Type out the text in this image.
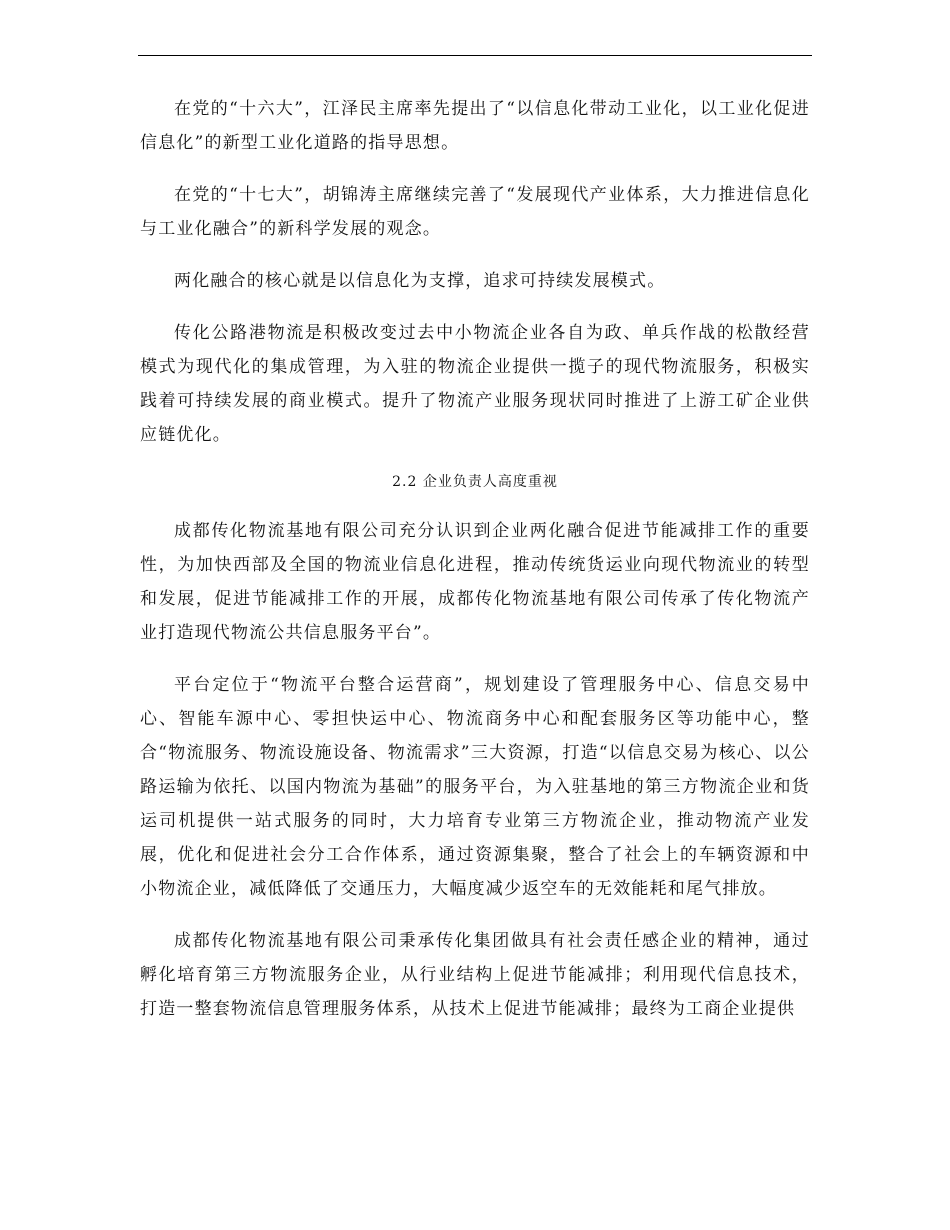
在党的“十六大”，江泽民主席率先提出了“以信息化带动工业化，以工业化促进信息化”的新型工业化道路的指导思想。

在党的“十七大”，胡锦涛主席继续完善了“发展现代产业体系，大力推进信息化与工业化融合”的新科学发展的观念。

两化融合的核心就是以信息化为支撑，追求可持续发展模式。

传化公路港物流是积极改变过去中小物流企业各自为政、单兵作战的松散经营模式为现代化的集成管理，为入驻的物流企业提供一揽子的现代物流服务，积极实践着可持续发展的商业模式。提升了物流产业服务现状同时推进了上游工矿企业供应链优化。

2.2 企业负责人高度重视

成都传化物流基地有限公司充分认识到企业两化融合促进节能减排工作的重要性，为加快西部及全国的物流业信息化进程，推动传统货运业向现代物流业的转型和发展，促进节能减排工作的开展，成都传化物流基地有限公司传承了传化物流产业打造现代物流公共信息服务平台”。

平台定位于“物流平台整合运营商”，规划建设了管理服务中心、信息交易中心、智能车源中心、零担快运中心、物流商务中心和配套服务区等功能中心，整合“物流服务、物流设施设备、物流需求”三大资源，打造“以信息交易为核心、以公路运输为依托、以国内物流为基础”的服务平台，为入驻基地的第三方物流企业和货运司机提供一站式服务的同时，大力培育专业第三方物流企业，推动物流产业发展，优化和促进社会分工合作体系，通过资源集聚，整合了社会上的车辆资源和中小物流企业，减低降低了交通压力，大幅度减少返空车的无效能耗和尾气排放。

成都传化物流基地有限公司秉承传化集团做具有社会责任感企业的精神，通过孵化培育第三方物流服务企业，从行业结构上促进节能减排；利用现代信息技术，打造一整套物流信息管理服务体系，从技术上促进节能减排；最终为工商企业提供
